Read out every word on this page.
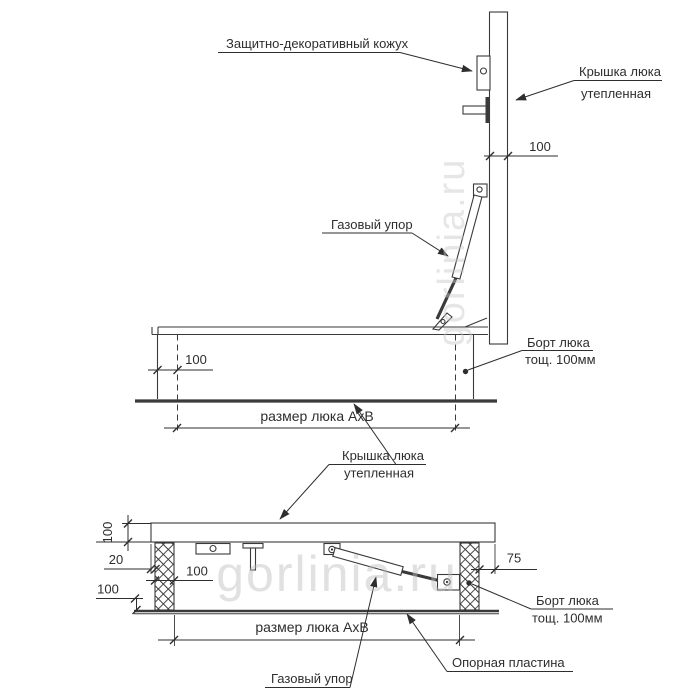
100
100
размер люка АхВ
Защитно-декоративный кожух
Крышка люка
утепленная
Газовый упор
Борт люка
тощ. 100мм
100
20
100
100
75
размер люка АхВ
Крышка люка
утепленная
Борт люка
тощ. 100мм
Опорная пластина
Газовый упор
gorlinia.ru
gorlinia.ru
